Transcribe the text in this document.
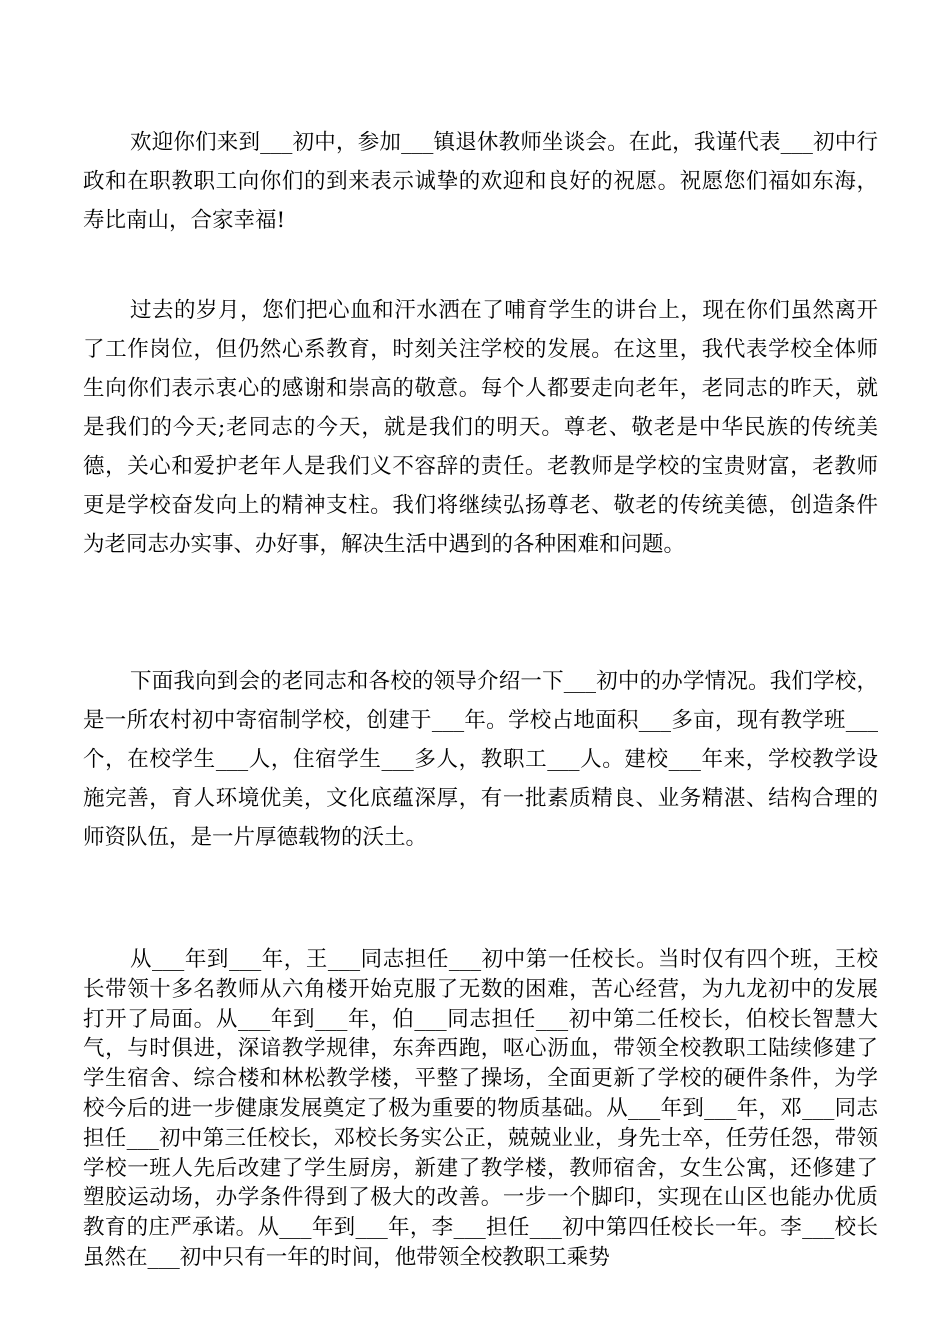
欢迎你们来到___初中，参加___镇退休教师坐谈会。在此，我谨代表___初中行政和在职教职工向你们的到来表示诚挚的欢迎和良好的祝愿。祝愿您们福如东海，寿比南山，合家幸福!

过去的岁月，您们把心血和汗水洒在了哺育学生的讲台上，现在你们虽然离开了工作岗位，但仍然心系教育，时刻关注学校的发展。在这里，我代表学校全体师生向你们表示衷心的感谢和崇高的敬意。每个人都要走向老年，老同志的昨天，就是我们的今天;老同志的今天，就是我们的明天。尊老、敬老是中华民族的传统美德，关心和爱护老年人是我们义不容辞的责任。老教师是学校的宝贵财富，老教师更是学校奋发向上的精神支柱。我们将继续弘扬尊老、敬老的传统美德，创造条件为老同志办实事、办好事，解决生活中遇到的各种困难和问题。

下面我向到会的老同志和各校的领导介绍一下___初中的办学情况。我们学校，是一所农村初中寄宿制学校，创建于___年。学校占地面积___多亩，现有教学班___个，在校学生___人，住宿学生___多人，教职工___人。建校___年来，学校教学设施完善，育人环境优美，文化底蕴深厚，有一批素质精良、业务精湛、结构合理的师资队伍，是一片厚德载物的沃土。

从___年到___年，王___同志担任___初中第一任校长。当时仅有四个班，王校长带领十多名教师从六角楼开始克服了无数的困难，苦心经营，为九龙初中的发展打开了局面。从___年到___年，伯___同志担任___初中第二任校长，伯校长智慧大气，与时俱进，深谙教学规律，东奔西跑，呕心沥血，带领全校教职工陆续修建了学生宿舍、综合楼和林松教学楼，平整了操场，全面更新了学校的硬件条件，为学校今后的进一步健康发展奠定了极为重要的物质基础。从___年到___年，邓___同志担任___初中第三任校长，邓校长务实公正，兢兢业业，身先士卒，任劳任怨，带领学校一班人先后改建了学生厨房，新建了教学楼，教师宿舍，女生公寓，还修建了塑胶运动场，办学条件得到了极大的改善。一步一个脚印，实现在山区也能办优质教育的庄严承诺。从___年到___年，李___担任___初中第四任校长一年。李___校长虽然在___初中只有一年的时间，他带领全校教职工乘势
